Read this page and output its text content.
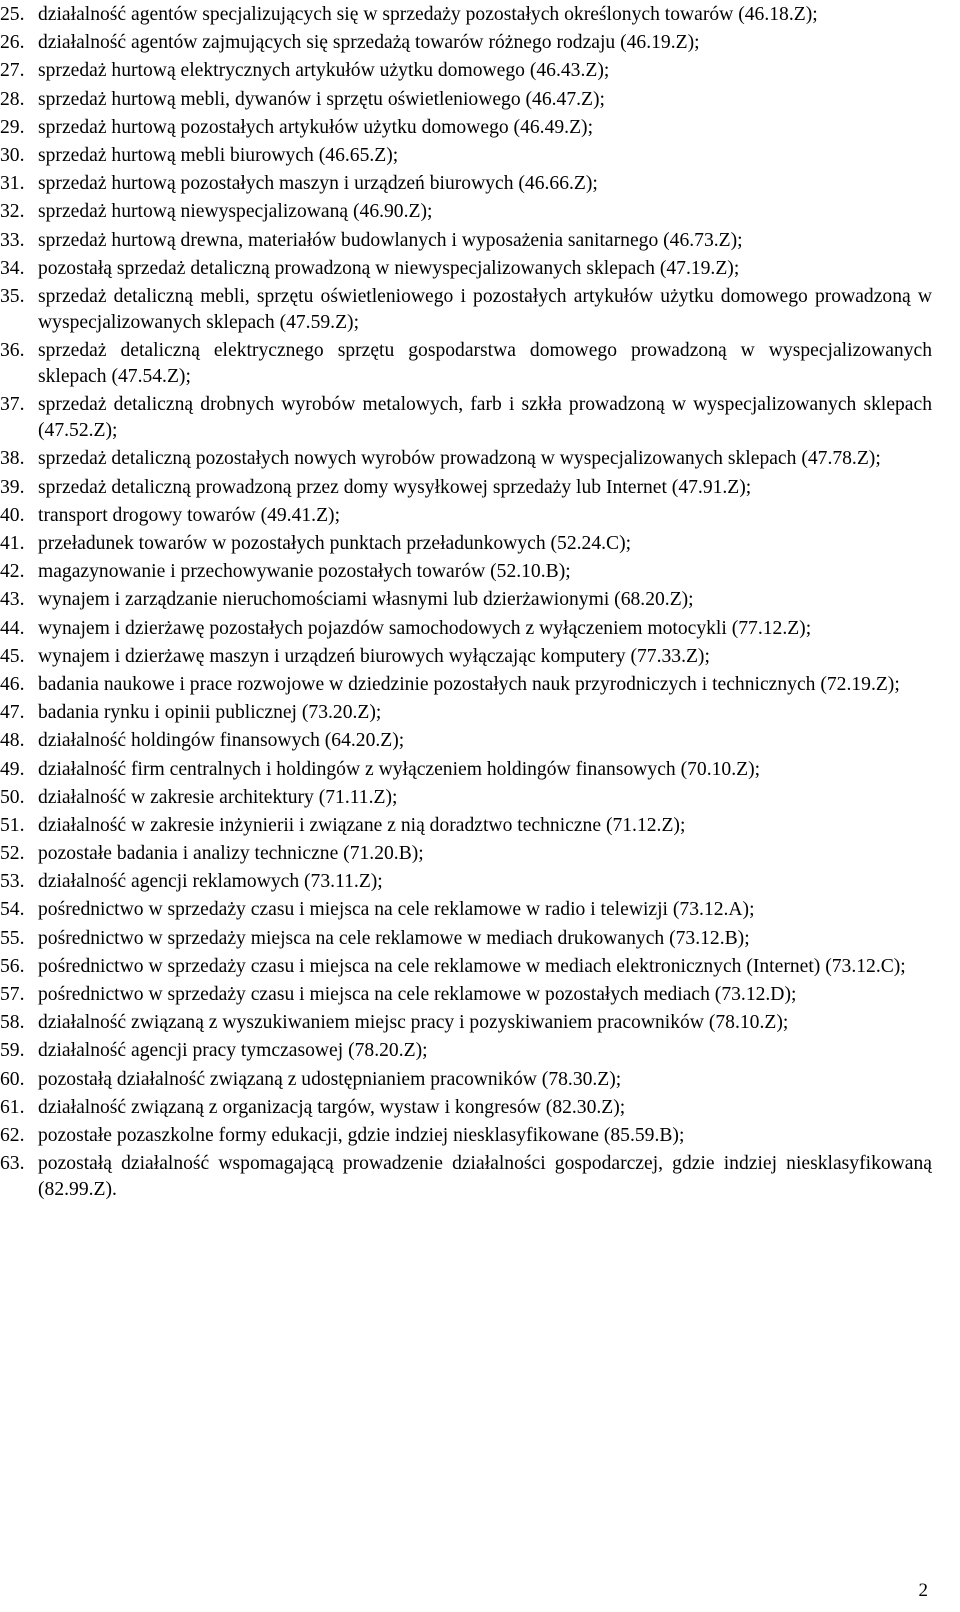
25. działalność agentów specjalizujących się w sprzedaży pozostałych określonych towarów (46.18.Z);
26. działalność agentów zajmujących się sprzedażą towarów różnego rodzaju (46.19.Z);
27. sprzedaż hurtową elektrycznych artykułów użytku domowego (46.43.Z);
28. sprzedaż hurtową mebli, dywanów i sprzętu oświetleniowego (46.47.Z);
29. sprzedaż hurtową pozostałych artykułów użytku domowego (46.49.Z);
30. sprzedaż hurtową mebli biurowych (46.65.Z);
31. sprzedaż hurtową pozostałych maszyn i urządzeń biurowych (46.66.Z);
32. sprzedaż hurtową niewyspecjalizowaną (46.90.Z);
33. sprzedaż hurtową drewna, materiałów budowlanych i wyposażenia sanitarnego (46.73.Z);
34. pozostałą sprzedaż detaliczną prowadzoną w niewyspecjalizowanych sklepach (47.19.Z);
35. sprzedaż detaliczną mebli, sprzętu oświetleniowego i pozostałych artykułów użytku domowego prowadzoną w wyspecjalizowanych sklepach (47.59.Z);
36. sprzedaż detaliczną elektrycznego sprzętu gospodarstwa domowego prowadzoną w wyspecjalizowanych sklepach (47.54.Z);
37. sprzedaż detaliczną drobnych wyrobów metalowych, farb i szkła prowadzoną w wyspecjalizowanych sklepach (47.52.Z);
38. sprzedaż detaliczną pozostałych nowych wyrobów prowadzoną w wyspecjalizowanych sklepach (47.78.Z);
39. sprzedaż detaliczną prowadzoną przez domy wysyłkowej sprzedaży lub Internet (47.91.Z);
40. transport drogowy towarów (49.41.Z);
41. przeładunek towarów w pozostałych punktach przeładunkowych (52.24.C);
42. magazynowanie i przechowywanie pozostałych towarów (52.10.B);
43. wynajem i zarządzanie nieruchomościami własnymi lub dzierżawionymi (68.20.Z);
44. wynajem i dzierżawę pozostałych pojazdów samochodowych z wyłączeniem motocykli (77.12.Z);
45. wynajem i dzierżawę maszyn i urządzeń biurowych wyłączając komputery (77.33.Z);
46. badania naukowe i prace rozwojowe w dziedzinie pozostałych nauk przyrodniczych i technicznych (72.19.Z);
47. badania rynku i opinii publicznej (73.20.Z);
48. działalność holdingów finansowych (64.20.Z);
49. działalność firm centralnych i holdingów z wyłączeniem holdingów finansowych (70.10.Z);
50. działalność w zakresie architektury (71.11.Z);
51. działalność w zakresie inżynierii i związane z nią doradztwo techniczne (71.12.Z);
52. pozostałe badania i analizy techniczne (71.20.B);
53. działalność agencji reklamowych (73.11.Z);
54. pośrednictwo w sprzedaży czasu i miejsca na cele reklamowe w radio i telewizji (73.12.A);
55. pośrednictwo w sprzedaży miejsca na cele reklamowe w mediach drukowanych (73.12.B);
56. pośrednictwo w sprzedaży czasu i miejsca na cele reklamowe w mediach elektronicznych (Internet) (73.12.C);
57. pośrednictwo w sprzedaży czasu i miejsca na cele reklamowe w pozostałych mediach (73.12.D);
58. działalność związaną z wyszukiwaniem miejsc pracy i pozyskiwaniem pracowników (78.10.Z);
59. działalność agencji pracy tymczasowej (78.20.Z);
60. pozostałą działalność związaną z udostępnianiem pracowników (78.30.Z);
61. działalność związaną z organizacją targów, wystaw i kongresów (82.30.Z);
62. pozostałe pozaszkolne formy edukacji, gdzie indziej niesklasyfikowane (85.59.B);
63. pozostałą działalność wspomagającą prowadzenie działalności gospodarczej, gdzie indziej niesklasyfikowaną (82.99.Z).
2
